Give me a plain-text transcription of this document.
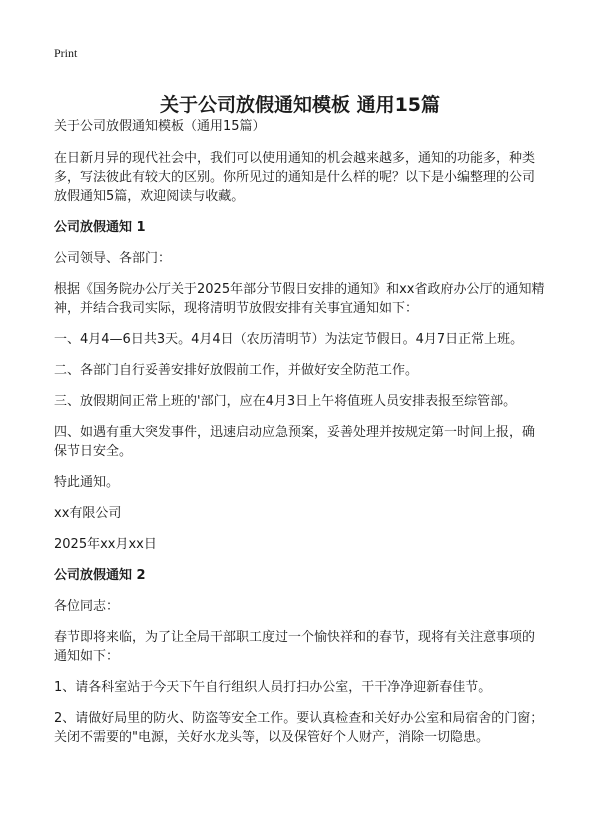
Print
关于公司放假通知模板 通用15篇

关于公司放假通知模板（通用15篇）

在日新月异的现代社会中，我们可以使用通知的机会越来越多，通知的功能多，种类多，写法彼此有较大的区别。你所见过的通知是什么样的呢？以下是小编整理的公司放假通知5篇，欢迎阅读与收藏。

公司放假通知 1

公司领导、各部门：

根据《国务院办公厅关于2025年部分节假日安排的通知》和xx省政府办公厅的通知精神，并结合我司实际，现将清明节放假安排有关事宜通知如下：

一、4月4—6日共3天。4月4日（农历清明节）为法定节假日。4月7日正常上班。

二、各部门自行妥善安排好放假前工作，并做好安全防范工作。

三、放假期间正常上班的'部门，应在4月3日上午将值班人员安排表报至综管部。

四、如遇有重大突发事件，迅速启动应急预案，妥善处理并按规定第一时间上报，确保节日安全。

特此通知。

xx有限公司

2025年xx月xx日

公司放假通知 2

各位同志：

春节即将来临，为了让全局干部职工度过一个愉快祥和的春节，现将有关注意事项的通知如下：

1、请各科室站于今天下午自行组织人员打扫办公室，干干净净迎新春佳节。

2、请做好局里的防火、防盗等安全工作。要认真检查和关好办公室和局宿舍的门窗；关闭不需要的"电源，关好水龙头等，以及保管好个人财产，消除一切隐患。
